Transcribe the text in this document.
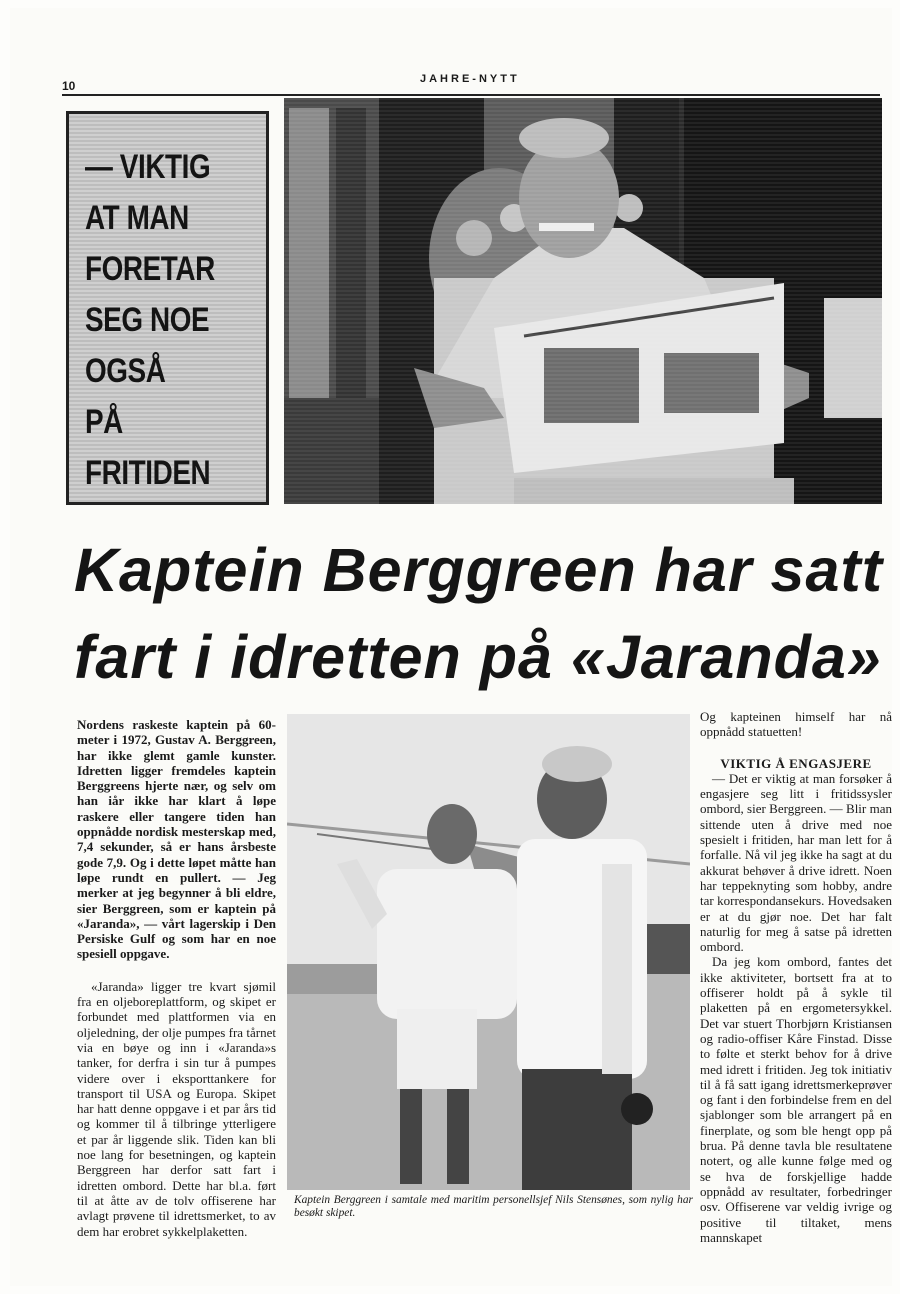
10	JAHRE-NYTT
— VIKTIG
AT MAN
FORETAR
SEG NOE
OGSÅ
PÅ
FRITIDEN
Kaptein Berggreen har satt
fart i idretten på «Jaranda»

Nordens raskeste kaptein på 60-meter i 1972, Gustav A. Berggreen, har ikke glemt gamle kunster. Idretten ligger fremdeles kaptein Berggreens hjerte nær, og selv om han iår ikke har klart å løpe raskere eller tangere tiden han oppnådde nordisk mesterskap med, 7,4 sekunder, så er hans årsbeste gode 7,9. Og i dette løpet måtte han løpe rundt en pullert. — Jeg merker at jeg begynner å bli eldre, sier Berggreen, som er kaptein på «Jaranda», — vårt lagerskip i Den Persiske Gulf og som har en noe spesiell oppgave.

«Jaranda» ligger tre kvart sjømil fra en oljeboreplattform, og skipet er forbundet med plattformen via en oljeledning, der olje pumpes fra tårnet via en bøye og inn i «Jaranda»s tanker, for derfra i sin tur å pumpes videre over i eksporttankere for transport til USA og Europa. Skipet har hatt denne oppgave i et par års tid og kommer til å tilbringe ytterligere et par år liggende slik. Tiden kan bli noe lang for besetningen, og kaptein Berggreen har derfor satt fart i idretten ombord. Dette har bl.a. ført til at åtte av de tolv offiserene har avlagt prøvene til idrettsmerket, to av dem har erobret sykkelplaketten.

Kaptein Berggreen i samtale med maritim personellsjef Nils Stensønes, som nylig har besøkt skipet.

Og kapteinen himself har nå oppnådd statuetten!

VIKTIG Å ENGASJERE

— Det er viktig at man forsøker å engasjere seg litt i fritidssysler ombord, sier Berggreen. — Blir man sittende uten å drive med noe spesielt i fritiden, har man lett for å forfalle. Nå vil jeg ikke ha sagt at du akkurat behøver å drive idrett. Noen har teppeknyting som hobby, andre tar korrespondansekurs. Hovedsaken er at du gjør noe. Det har falt naturlig for meg å satse på idretten ombord.

Da jeg kom ombord, fantes det ikke aktiviteter, bortsett fra at to offiserer holdt på å sykle til plaketten på en ergometersykkel. Det var stuert Thorbjørn Kristiansen og radio-offiser Kåre Finstad. Disse to følte et sterkt behov for å drive med idrett i fritiden. Jeg tok initiativ til å få satt igang idrettsmerkeprøver og fant i den forbindelse frem en del sjablonger som ble arrangert på en finerplate, og som ble hengt opp på brua. På denne tavla ble resultatene notert, og alle kunne følge med og se hva de forskjellige hadde oppnådd av resultater, forbedringer osv. Offiserene var veldig ivrige og positive til tiltaket, mens mannskapet
